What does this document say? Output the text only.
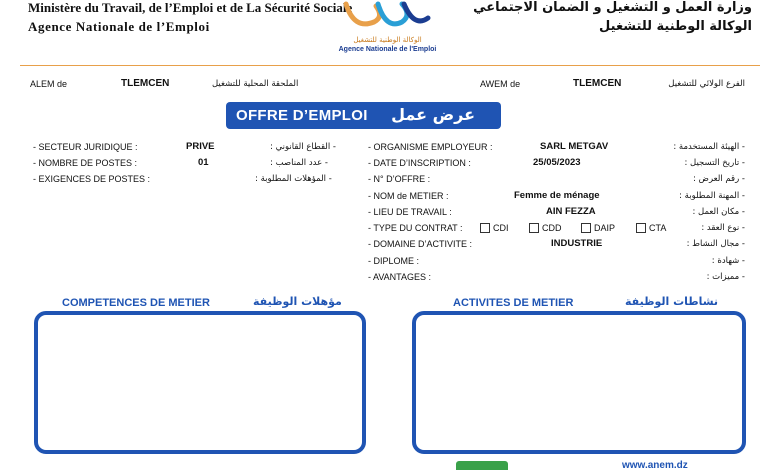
Ministère du Travail, de l’Emploi et de La Sécurité Sociale
Agence Nationale de l’Emploi
وزارة العمل و التشغيل و الضمان الاجتماعي
الوكالة الوطنية للتشغيل
الوكالة الوطنية للتشغيل
Agence Nationale de l'Emploi
ALEM de	TLEMCEN	الملحقة المحلية للتشغيل	AWEM de	TLEMCEN	الفرع الولائي للتشغيل
OFFRE D’EMPLOI عرض عمل
- SECTEUR JURIDIQUE :	PRIVE	- القطاع القانوني :
- NOMBRE DE POSTES :	01	- عدد المناصب :
- EXIGENCES DE POSTES :	- المؤهلات المطلوبة :
- ORGANISME EMPLOYEUR :	SARL METGAV	- الهيئة المستخدمة :
- DATE D’INSCRIPTION :	25/05/2023	- تاريخ التسجيل :
- N° D’OFFRE :	- رقم العرض :
- NOM de METIER :	Femme de ménage	- المهنة المطلوبة :
- LIEU DE TRAVAIL :	AIN FEZZA	- مكان العمل :
- TYPE DU CONTRAT :	- نوع العقد :
CDI	CDD	DAIP	CTA
- DOMAINE D’ACTIVITE :	INDUSTRIE	- مجال النشاط :
- DIPLOME :	- شهادة :
- AVANTAGES :	- مميزات :
COMPETENCES DE METIER	مؤهلات الوظيفة	ACTIVITES DE METIER	نشاطات الوظيفة
www.anem.dz
